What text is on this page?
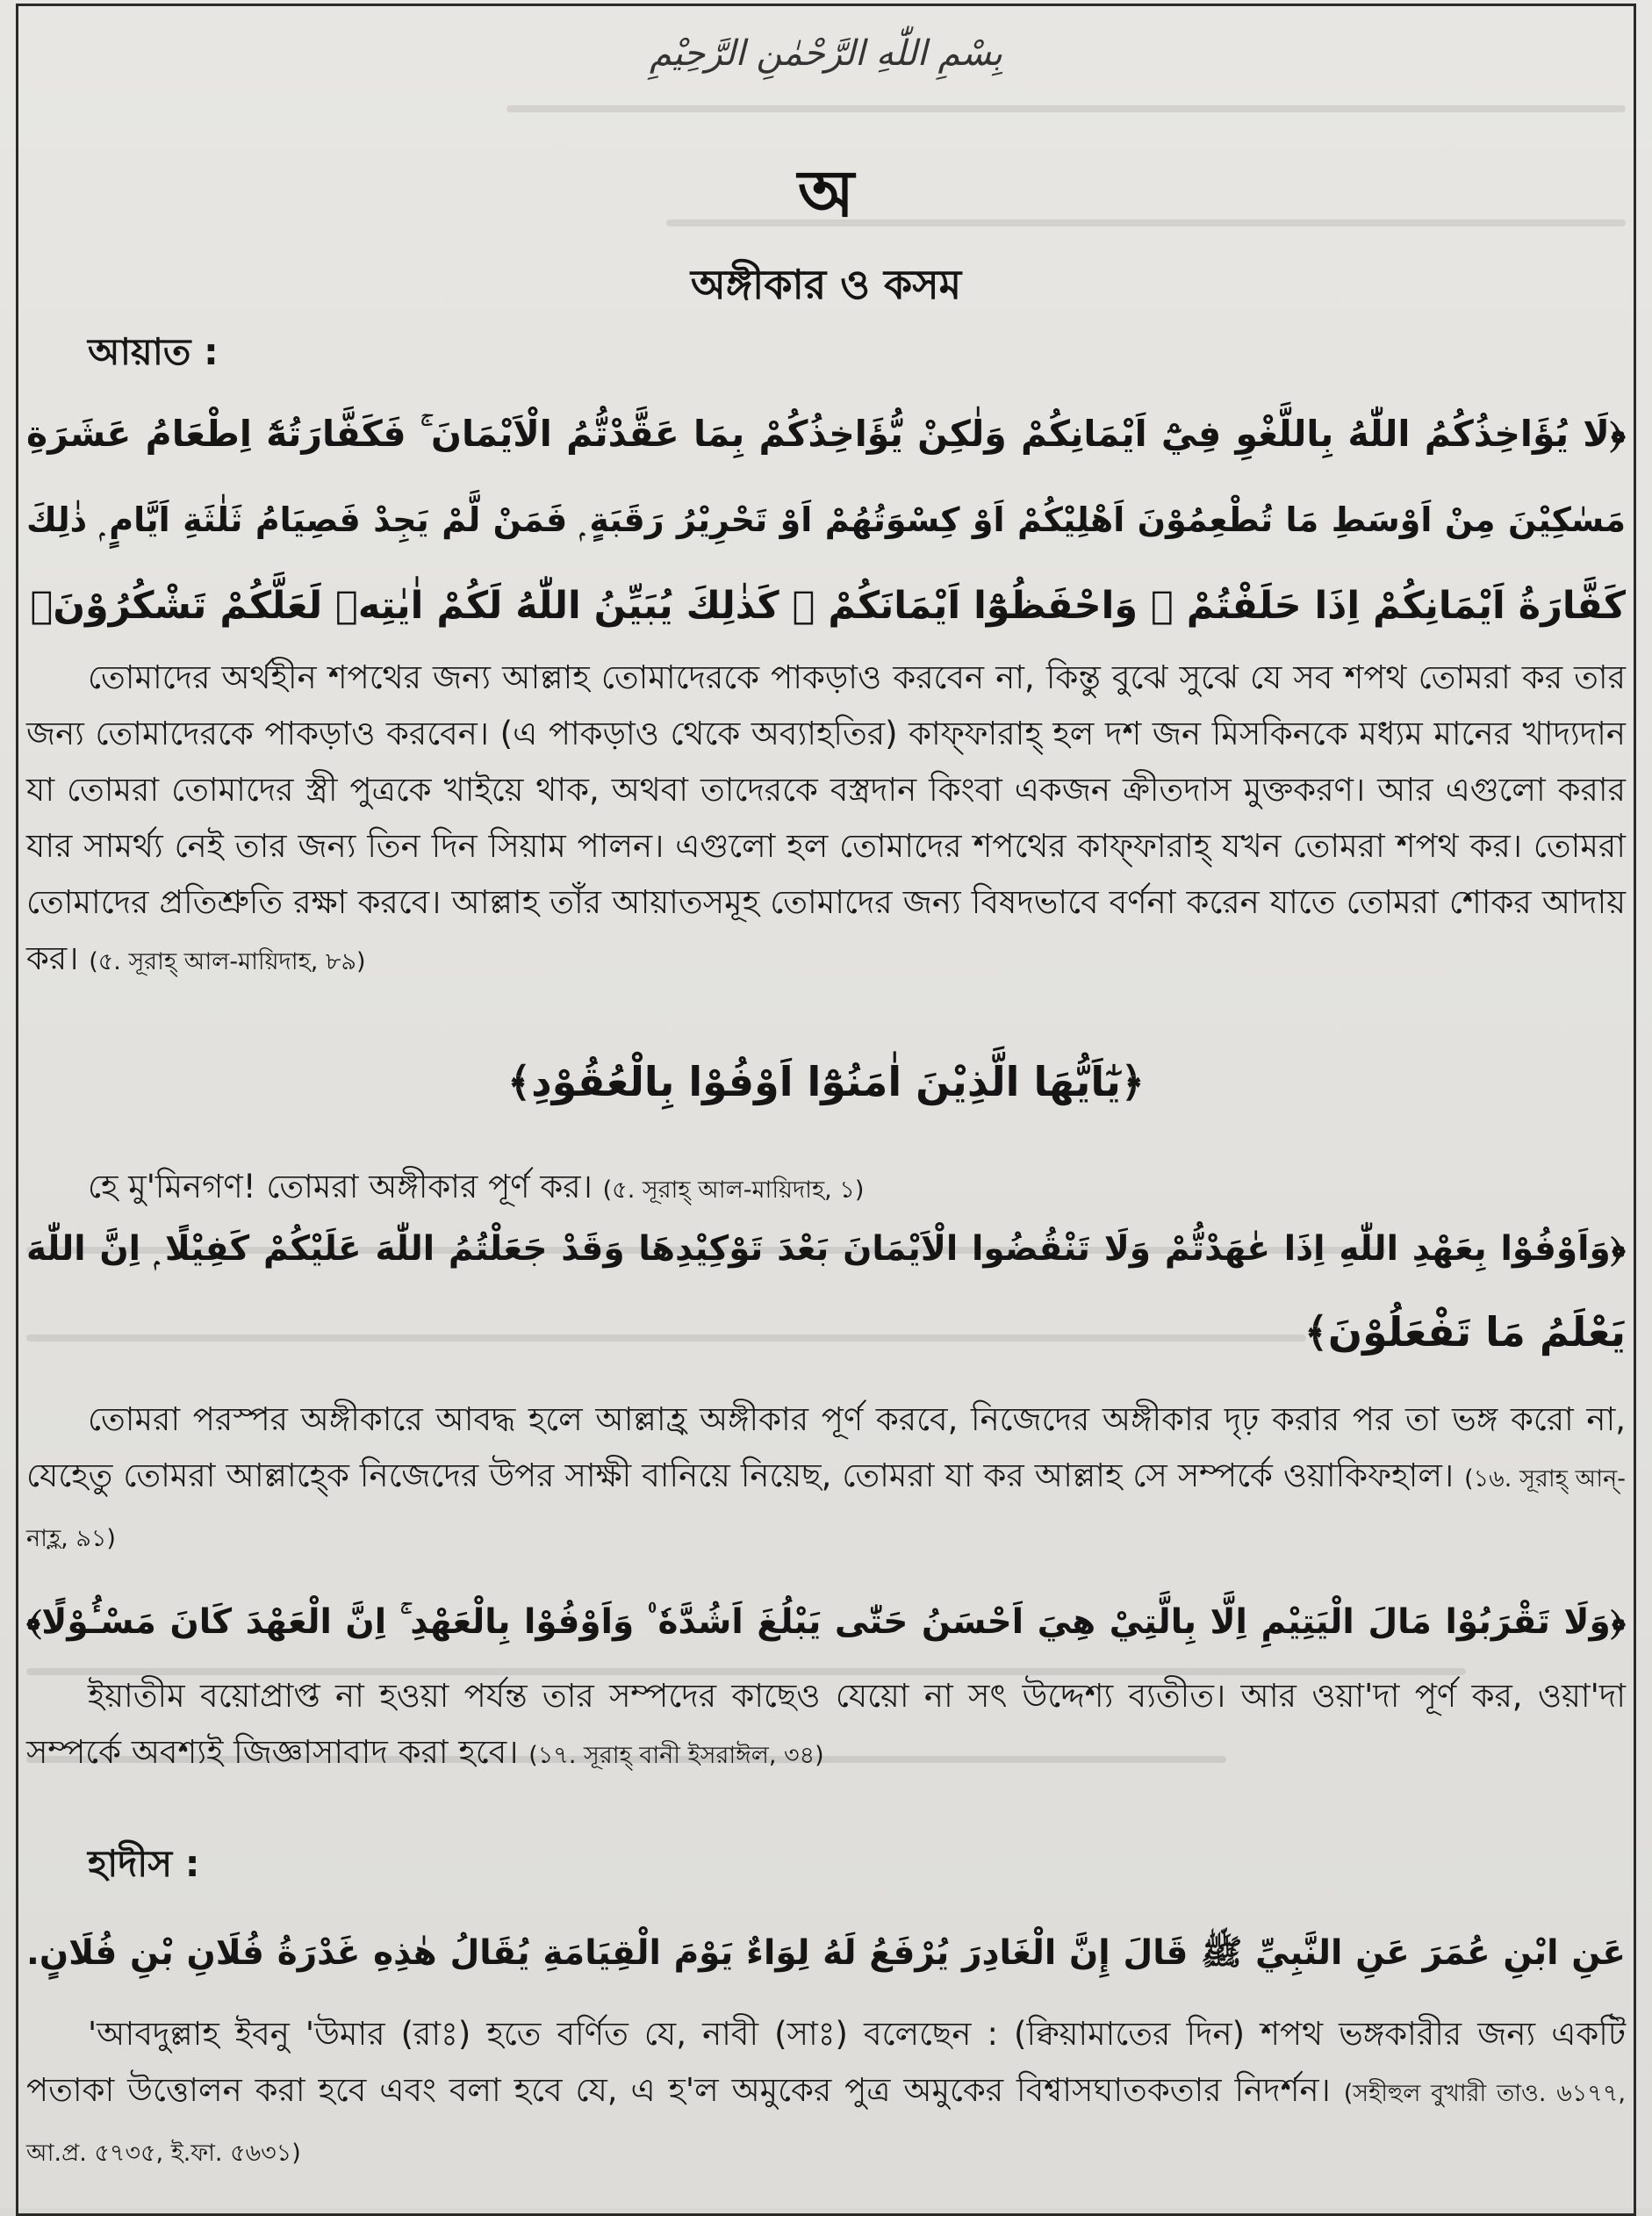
بِسْمِ اللّٰهِ الرَّحْمٰنِ الرَّحِيْمِ
অ
অঙ্গীকার ও কসম
আয়াত :
﴿لَا يُؤَاخِذُكُمُ اللّٰهُ بِاللَّغْوِ فِيْٓ اَيْمَانِكُمْ وَلٰكِنْ يُّؤَاخِذُكُمْ بِمَا عَقَّدْتُّمُ الْاَيْمَانَ ۚ فَكَفَّارَتُهٗٓ اِطْعَامُ عَشَرَةِ
مَسٰكِيْنَ مِنْ اَوْسَطِ مَا تُطْعِمُوْنَ اَهْلِيْكُمْ اَوْ كِسْوَتُهُمْ اَوْ تَحْرِيْرُ رَقَبَةٍ ۭ فَمَنْ لَّمْ يَجِدْ فَصِيَامُ ثَلٰثَةِ اَيَّامٍ ۭ ذٰلِكَ
كَفَّارَةُ اَيْمَانِكُمْ اِذَا حَلَفْتُمْ ۭ وَاحْفَظُوْٓا اَيْمَانَكُمْ ۭ كَذٰلِكَ يُبَيِّنُ اللّٰهُ لَكُمْ اٰيٰتِهٖ لَعَلَّكُمْ تَشْكُرُوْنَ﴾

তোমাদের অর্থহীন শপথের জন্য আল্লাহ তোমাদেরকে পাকড়াও করবেন না, কিন্তু বুঝে সুঝে যে সব শপথ তোমরা কর তার জন্য তোমাদেরকে পাকড়াও করবেন। (এ পাকড়াও থেকে অব্যাহতির) কাফ্ফারাহ্ হল দশ জন মিসকিনকে মধ্যম মানের খাদ্যদান যা তোমরা তোমাদের স্ত্রী পুত্রকে খাইয়ে থাক, অথবা তাদেরকে বস্ত্রদান কিংবা একজন ক্রীতদাস মুক্তকরণ। আর এগুলো করার যার সামর্থ্য নেই তার জন্য তিন দিন সিয়াম পালন। এগুলো হল তোমাদের শপথের কাফ্ফারাহ্ যখন তোমরা শপথ কর। তোমরা তোমাদের প্রতিশ্রুতি রক্ষা করবে। আল্লাহ তাঁর আয়াতসমূহ তোমাদের জন্য বিষদভাবে বর্ণনা করেন যাতে তোমরা শোকর আদায় কর। (৫. সূরাহ্ আল-মায়িদাহ, ৮৯)

﴿يٰٓاَيُّهَا الَّذِيْنَ اٰمَنُوْٓا اَوْفُوْا بِالْعُقُوْدِ﴾

হে মু'মিনগণ! তোমরা অঙ্গীকার পূর্ণ কর। (৫. সূরাহ্ আল-মায়িদাহ, ১)

﴿وَاَوْفُوْا بِعَهْدِ اللّٰهِ اِذَا عٰهَدْتُّمْ وَلَا تَنْقُضُوا الْاَيْمَانَ بَعْدَ تَوْكِيْدِهَا وَقَدْ جَعَلْتُمُ اللّٰهَ عَلَيْكُمْ كَفِيْلًا ۭ اِنَّ اللّٰهَ
يَعْلَمُ مَا تَفْعَلُوْنَ﴾

তোমরা পরস্পর অঙ্গীকারে আবদ্ধ হলে আল্লাহ্র অঙ্গীকার পূর্ণ করবে, নিজেদের অঙ্গীকার দৃঢ় করার পর তা ভঙ্গ করো না, যেহেতু তোমরা আল্লাহ্কে নিজেদের উপর সাক্ষী বানিয়ে নিয়েছ, তোমরা যা কর আল্লাহ সে সম্পর্কে ওয়াকিফহাল। (১৬. সূরাহ্ আন্-নাহ্ল, ৯১)

﴿وَلَا تَقْرَبُوْا مَالَ الْيَتِيْمِ اِلَّا بِالَّتِيْ هِيَ اَحْسَنُ حَتّٰى يَبْلُغَ اَشُدَّهٗ ۠ وَاَوْفُوْا بِالْعَهْدِ ۚ اِنَّ الْعَهْدَ كَانَ مَسْـُٔوْلًا﴾

ইয়াতীম বয়োপ্রাপ্ত না হওয়া পর্যন্ত তার সম্পদের কাছেও যেয়ো না সৎ উদ্দেশ্য ব্যতীত। আর ওয়া'দা পূর্ণ কর, ওয়া'দা সম্পর্কে অবশ্যই জিজ্ঞাসাবাদ করা হবে। (১৭. সূরাহ্ বানী ইসরাঈল, ৩৪)

হাদীস :
عَنِ ابْنِ عُمَرَ عَنِ النَّبِيِّ ﷺ قَالَ إِنَّ الْغَادِرَ يُرْفَعُ لَهُ لِوَاءٌ يَوْمَ الْقِيَامَةِ يُقَالُ هٰذِهِ غَدْرَةُ فُلَانِ بْنِ فُلَانٍ.

'আবদুল্লাহ ইবনু 'উমার (রাঃ) হতে বর্ণিত যে, নাবী (সাঃ) বলেছেন : (ক্বিয়ামাতের দিন) শপথ ভঙ্গকারীর জন্য একটি পতাকা উত্তোলন করা হবে এবং বলা হবে যে, এ হ'ল অমুকের পুত্র অমুকের বিশ্বাসঘাতকতার নিদর্শন। (সহীহুল বুখারী তাও. ৬১৭৭, আ.প্র. ৫৭৩৫, ই.ফা. ৫৬৩১)
